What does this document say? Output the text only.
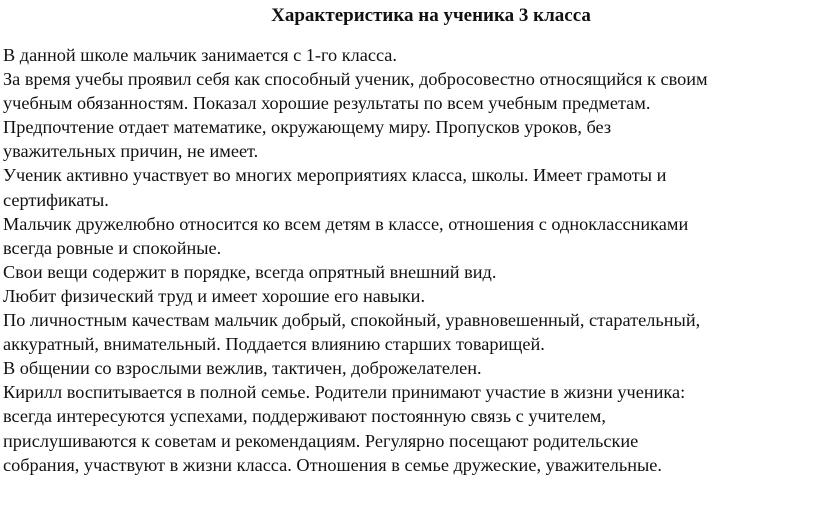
Характеристика на ученика 3 класса
В данной школе мальчик занимается с 1-го класса.
За время учебы проявил себя как способный ученик, добросовестно относящийся к своим
учебным обязанностям. Показал хорошие результаты по всем учебным предметам.
Предпочтение отдает математике, окружающему миру. Пропусков уроков, без
уважительных причин, не имеет.
Ученик активно участвует во многих мероприятиях класса, школы. Имеет грамоты и
сертификаты.
Мальчик дружелюбно относится ко всем детям в классе, отношения с одноклассниками
всегда ровные и спокойные.
Свои вещи содержит в порядке, всегда опрятный внешний вид.
Любит физический труд и имеет хорошие его навыки.
По личностным качествам мальчик добрый, спокойный, уравновешенный, старательный,
аккуратный, внимательный. Поддается влиянию старших товарищей.
В общении со взрослыми вежлив, тактичен, доброжелателен.
Кирилл воспитывается в полной семье. Родители принимают участие в жизни ученика:
всегда интересуются успехами, поддерживают постоянную связь с учителем,
прислушиваются к советам и рекомендациям. Регулярно посещают родительские
собрания, участвуют в жизни класса. Отношения в семье дружеские, уважительные.
